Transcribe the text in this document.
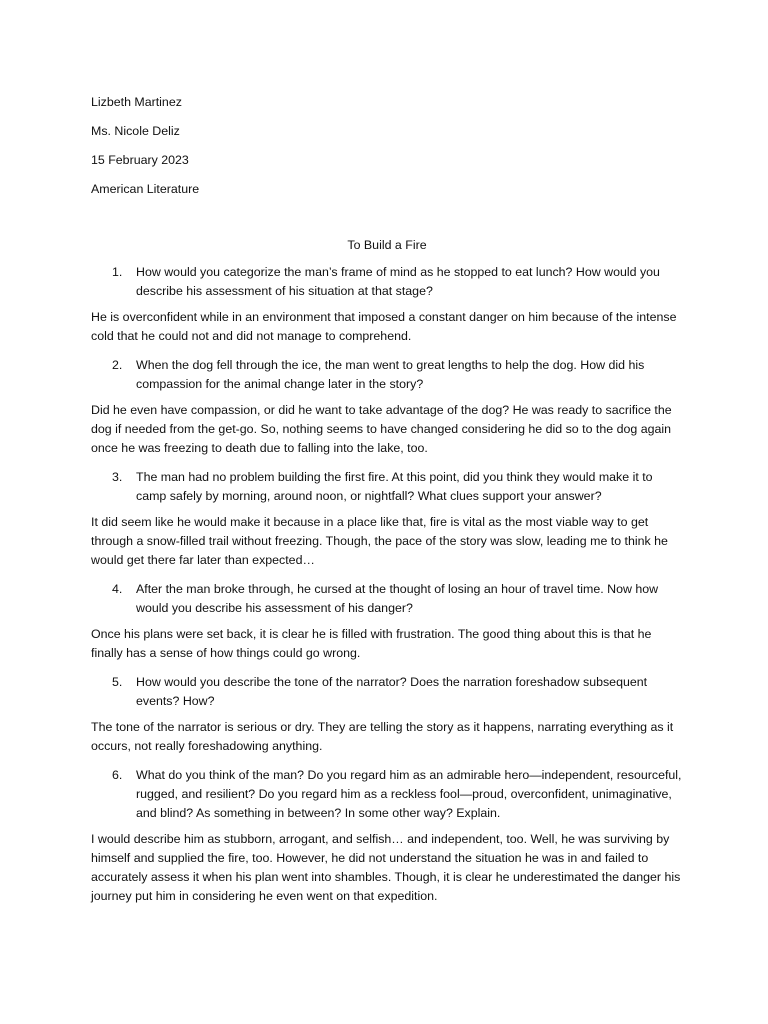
Lizbeth Martinez
Ms. Nicole Deliz
15 February 2023
American Literature
To Build a Fire
1.	How would you categorize the man’s frame of mind as he stopped to eat lunch? How would you describe his assessment of his situation at that stage?
He is overconfident while in an environment that imposed a constant danger on him because of the intense cold that he could not and did not manage to comprehend.
2.	When the dog fell through the ice, the man went to great lengths to help the dog. How did his compassion for the animal change later in the story?
Did he even have compassion, or did he want to take advantage of the dog? He was ready to sacrifice the dog if needed from the get-go. So, nothing seems to have changed considering he did so to the dog again once he was freezing to death due to falling into the lake, too.
3.	The man had no problem building the first fire. At this point, did you think they would make it to camp safely by morning, around noon, or nightfall? What clues support your answer?
It did seem like he would make it because in a place like that, fire is vital as the most viable way to get through a snow-filled trail without freezing. Though, the pace of the story was slow, leading me to think he would get there far later than expected…
4.	After the man broke through, he cursed at the thought of losing an hour of travel time. Now how would you describe his assessment of his danger?
Once his plans were set back, it is clear he is filled with frustration. The good thing about this is that he finally has a sense of how things could go wrong.
5.	How would you describe the tone of the narrator? Does the narration foreshadow subsequent events? How?
The tone of the narrator is serious or dry. They are telling the story as it happens, narrating everything as it occurs, not really foreshadowing anything.
6.	What do you think of the man? Do you regard him as an admirable hero—independent, resourceful, rugged, and resilient? Do you regard him as a reckless fool—proud, overconfident, unimaginative, and blind? As something in between? In some other way? Explain.
I would describe him as stubborn, arrogant, and selfish… and independent, too. Well, he was surviving by himself and supplied the fire, too. However, he did not understand the situation he was in and failed to accurately assess it when his plan went into shambles. Though, it is clear he underestimated the danger his journey put him in considering he even went on that expedition.
